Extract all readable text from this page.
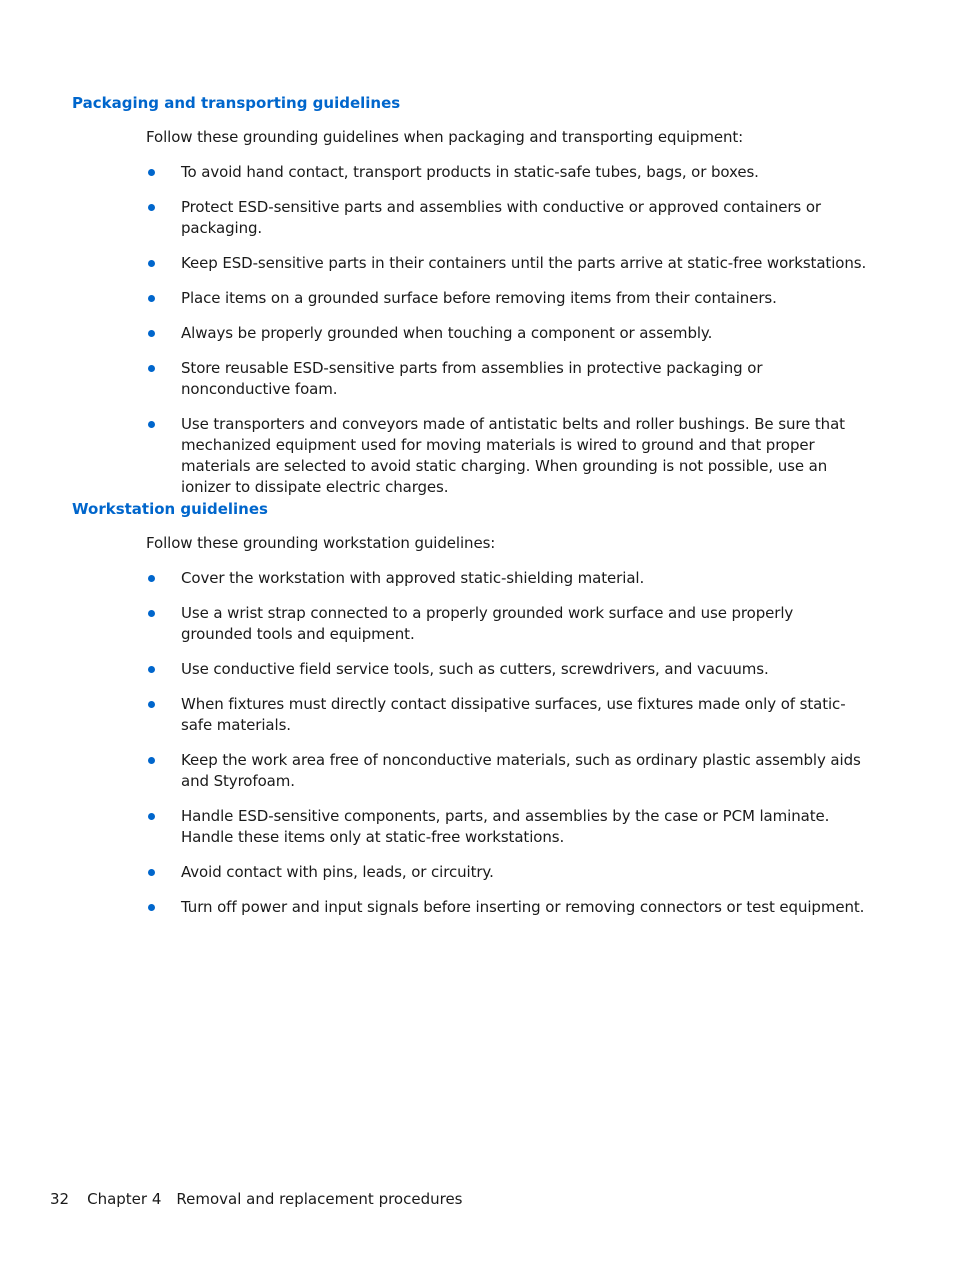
Packaging and transporting guidelines

Follow these grounding guidelines when packaging and transporting equipment:

To avoid hand contact, transport products in static-safe tubes, bags, or boxes.
Protect ESD-sensitive parts and assemblies with conductive or approved containers or packaging.
Keep ESD-sensitive parts in their containers until the parts arrive at static-free workstations.
Place items on a grounded surface before removing items from their containers.
Always be properly grounded when touching a component or assembly.
Store reusable ESD-sensitive parts from assemblies in protective packaging or nonconductive foam.
Use transporters and conveyors made of antistatic belts and roller bushings. Be sure that mechanized equipment used for moving materials is wired to ground and that proper materials are selected to avoid static charging. When grounding is not possible, use an ionizer to dissipate electric charges.
Workstation guidelines

Follow these grounding workstation guidelines:

Cover the workstation with approved static-shielding material.
Use a wrist strap connected to a properly grounded work surface and use properly grounded tools and equipment.
Use conductive field service tools, such as cutters, screwdrivers, and vacuums.
When fixtures must directly contact dissipative surfaces, use fixtures made only of static-safe materials.
Keep the work area free of nonconductive materials, such as ordinary plastic assembly aids and Styrofoam.
Handle ESD-sensitive components, parts, and assemblies by the case or PCM laminate. Handle these items only at static-free workstations.
Avoid contact with pins, leads, or circuitry.
Turn off power and input signals before inserting or removing connectors or test equipment.
32 Chapter 4 Removal and replacement procedures
